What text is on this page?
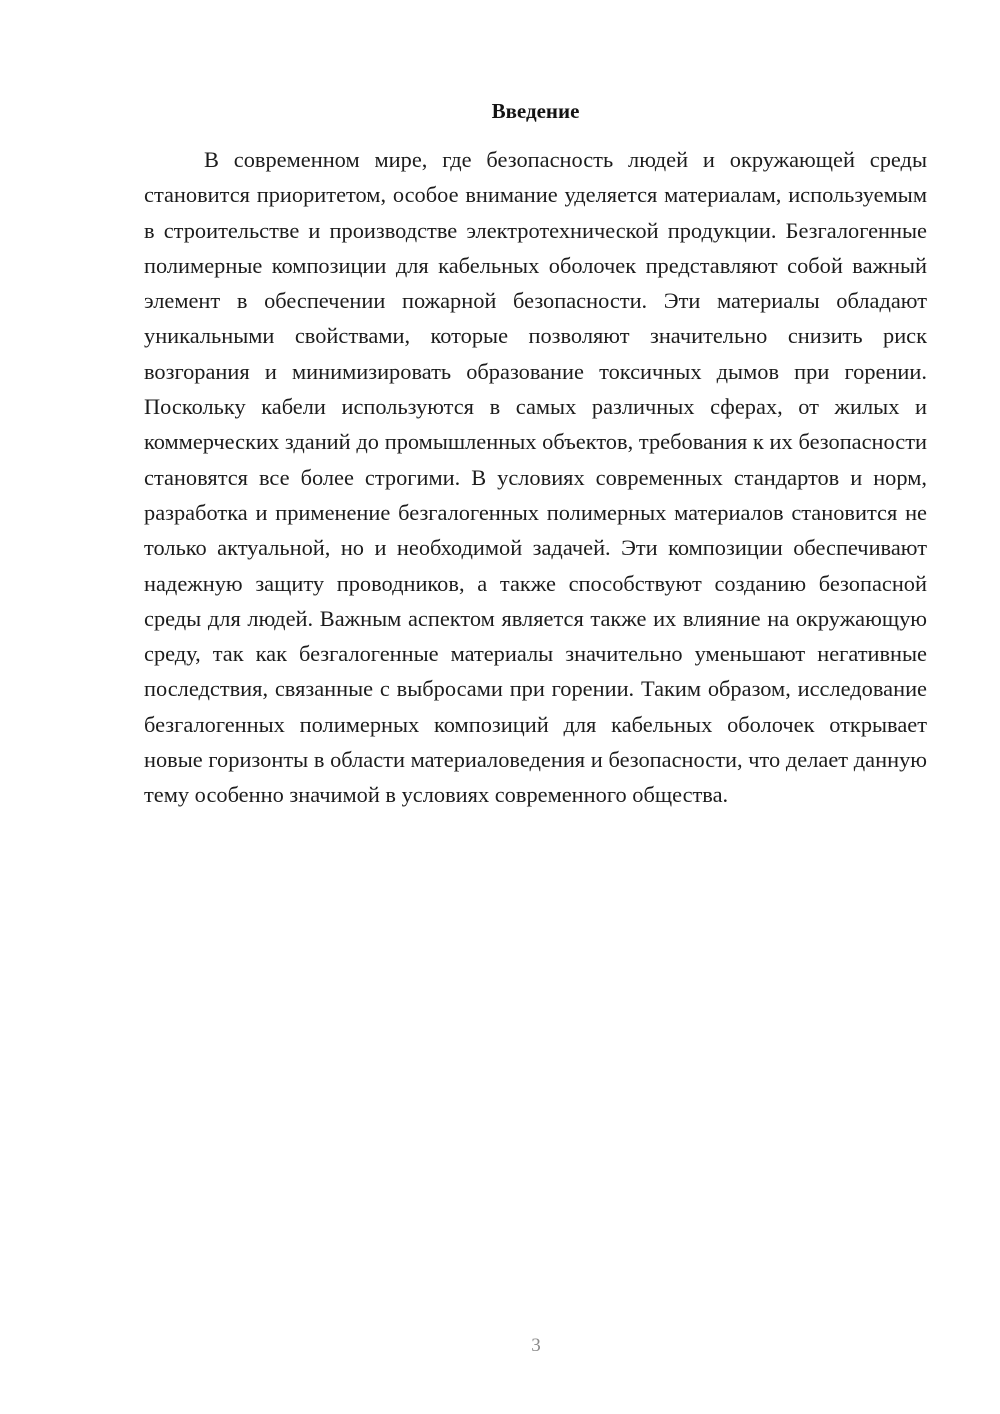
Введение

В современном мире, где безопасность людей и окружающей среды становится приоритетом, особое внимание уделяется материалам, используемым в строительстве и производстве электротехнической продукции. Безгалогенные полимерные композиции для кабельных оболочек представляют собой важный элемент в обеспечении пожарной безопасности. Эти материалы обладают уникальными свойствами, которые позволяют значительно снизить риск возгорания и минимизировать образование токсичных дымов при горении. Поскольку кабели используются в самых различных сферах, от жилых и коммерческих зданий до промышленных объектов, требования к их безопасности становятся все более строгими. В условиях современных стандартов и норм, разработка и применение безгалогенных полимерных материалов становится не только актуальной, но и необходимой задачей. Эти композиции обеспечивают надежную защиту проводников, а также способствуют созданию безопасной среды для людей. Важным аспектом является также их влияние на окружающую среду, так как безгалогенные материалы значительно уменьшают негативные последствия, связанные с выбросами при горении. Таким образом, исследование безгалогенных полимерных композиций для кабельных оболочек открывает новые горизонты в области материаловедения и безопасности, что делает данную тему особенно значимой в условиях современного общества.

3
